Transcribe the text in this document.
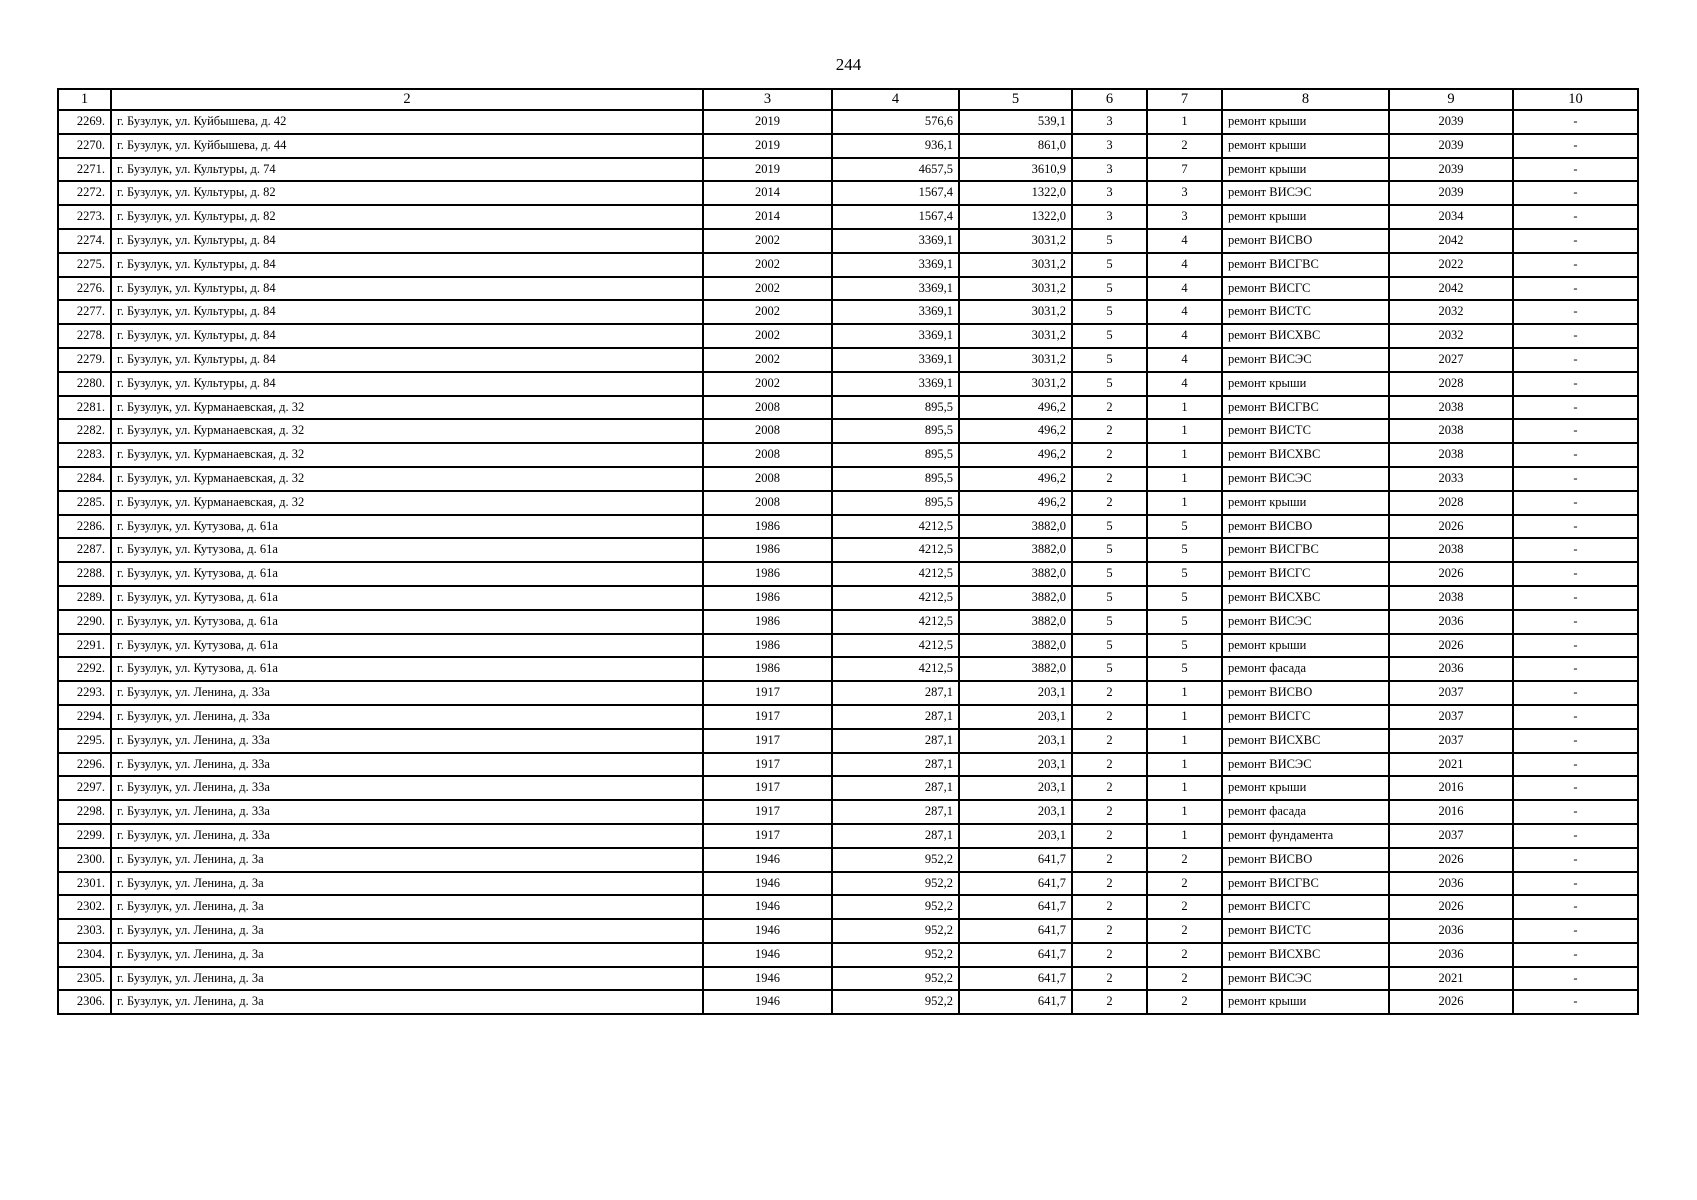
244
1	2	3	4	5	6	7	8	9	10
2269.	г. Бузулук, ул. Куйбышева, д. 42	2019	576,6	539,1	3	1	ремонт крыши	2039	-
2270.	г. Бузулук, ул. Куйбышева, д. 44	2019	936,1	861,0	3	2	ремонт крыши	2039	-
2271.	г. Бузулук, ул. Культуры, д. 74	2019	4657,5	3610,9	3	7	ремонт крыши	2039	-
2272.	г. Бузулук, ул. Культуры, д. 82	2014	1567,4	1322,0	3	3	ремонт ВИСЭС	2039	-
2273.	г. Бузулук, ул. Культуры, д. 82	2014	1567,4	1322,0	3	3	ремонт крыши	2034	-
2274.	г. Бузулук, ул. Культуры, д. 84	2002	3369,1	3031,2	5	4	ремонт ВИСВО	2042	-
2275.	г. Бузулук, ул. Культуры, д. 84	2002	3369,1	3031,2	5	4	ремонт ВИСГВС	2022	-
2276.	г. Бузулук, ул. Культуры, д. 84	2002	3369,1	3031,2	5	4	ремонт ВИСГС	2042	-
2277.	г. Бузулук, ул. Культуры, д. 84	2002	3369,1	3031,2	5	4	ремонт ВИСТС	2032	-
2278.	г. Бузулук, ул. Культуры, д. 84	2002	3369,1	3031,2	5	4	ремонт ВИСХВС	2032	-
2279.	г. Бузулук, ул. Культуры, д. 84	2002	3369,1	3031,2	5	4	ремонт ВИСЭС	2027	-
2280.	г. Бузулук, ул. Культуры, д. 84	2002	3369,1	3031,2	5	4	ремонт крыши	2028	-
2281.	г. Бузулук, ул. Курманаевская, д. 32	2008	895,5	496,2	2	1	ремонт ВИСГВС	2038	-
2282.	г. Бузулук, ул. Курманаевская, д. 32	2008	895,5	496,2	2	1	ремонт ВИСТС	2038	-
2283.	г. Бузулук, ул. Курманаевская, д. 32	2008	895,5	496,2	2	1	ремонт ВИСХВС	2038	-
2284.	г. Бузулук, ул. Курманаевская, д. 32	2008	895,5	496,2	2	1	ремонт ВИСЭС	2033	-
2285.	г. Бузулук, ул. Курманаевская, д. 32	2008	895,5	496,2	2	1	ремонт крыши	2028	-
2286.	г. Бузулук, ул. Кутузова, д. 61а	1986	4212,5	3882,0	5	5	ремонт ВИСВО	2026	-
2287.	г. Бузулук, ул. Кутузова, д. 61а	1986	4212,5	3882,0	5	5	ремонт ВИСГВС	2038	-
2288.	г. Бузулук, ул. Кутузова, д. 61а	1986	4212,5	3882,0	5	5	ремонт ВИСГС	2026	-
2289.	г. Бузулук, ул. Кутузова, д. 61а	1986	4212,5	3882,0	5	5	ремонт ВИСХВС	2038	-
2290.	г. Бузулук, ул. Кутузова, д. 61а	1986	4212,5	3882,0	5	5	ремонт ВИСЭС	2036	-
2291.	г. Бузулук, ул. Кутузова, д. 61а	1986	4212,5	3882,0	5	5	ремонт крыши	2026	-
2292.	г. Бузулук, ул. Кутузова, д. 61а	1986	4212,5	3882,0	5	5	ремонт фасада	2036	-
2293.	г. Бузулук, ул. Ленина, д. 33а	1917	287,1	203,1	2	1	ремонт ВИСВО	2037	-
2294.	г. Бузулук, ул. Ленина, д. 33а	1917	287,1	203,1	2	1	ремонт ВИСГС	2037	-
2295.	г. Бузулук, ул. Ленина, д. 33а	1917	287,1	203,1	2	1	ремонт ВИСХВС	2037	-
2296.	г. Бузулук, ул. Ленина, д. 33а	1917	287,1	203,1	2	1	ремонт ВИСЭС	2021	-
2297.	г. Бузулук, ул. Ленина, д. 33а	1917	287,1	203,1	2	1	ремонт крыши	2016	-
2298.	г. Бузулук, ул. Ленина, д. 33а	1917	287,1	203,1	2	1	ремонт фасада	2016	-
2299.	г. Бузулук, ул. Ленина, д. 33а	1917	287,1	203,1	2	1	ремонт фундамента	2037	-
2300.	г. Бузулук, ул. Ленина, д. 3а	1946	952,2	641,7	2	2	ремонт ВИСВО	2026	-
2301.	г. Бузулук, ул. Ленина, д. 3а	1946	952,2	641,7	2	2	ремонт ВИСГВС	2036	-
2302.	г. Бузулук, ул. Ленина, д. 3а	1946	952,2	641,7	2	2	ремонт ВИСГС	2026	-
2303.	г. Бузулук, ул. Ленина, д. 3а	1946	952,2	641,7	2	2	ремонт ВИСТС	2036	-
2304.	г. Бузулук, ул. Ленина, д. 3а	1946	952,2	641,7	2	2	ремонт ВИСХВС	2036	-
2305.	г. Бузулук, ул. Ленина, д. 3а	1946	952,2	641,7	2	2	ремонт ВИСЭС	2021	-
2306.	г. Бузулук, ул. Ленина, д. 3а	1946	952,2	641,7	2	2	ремонт крыши	2026	-
